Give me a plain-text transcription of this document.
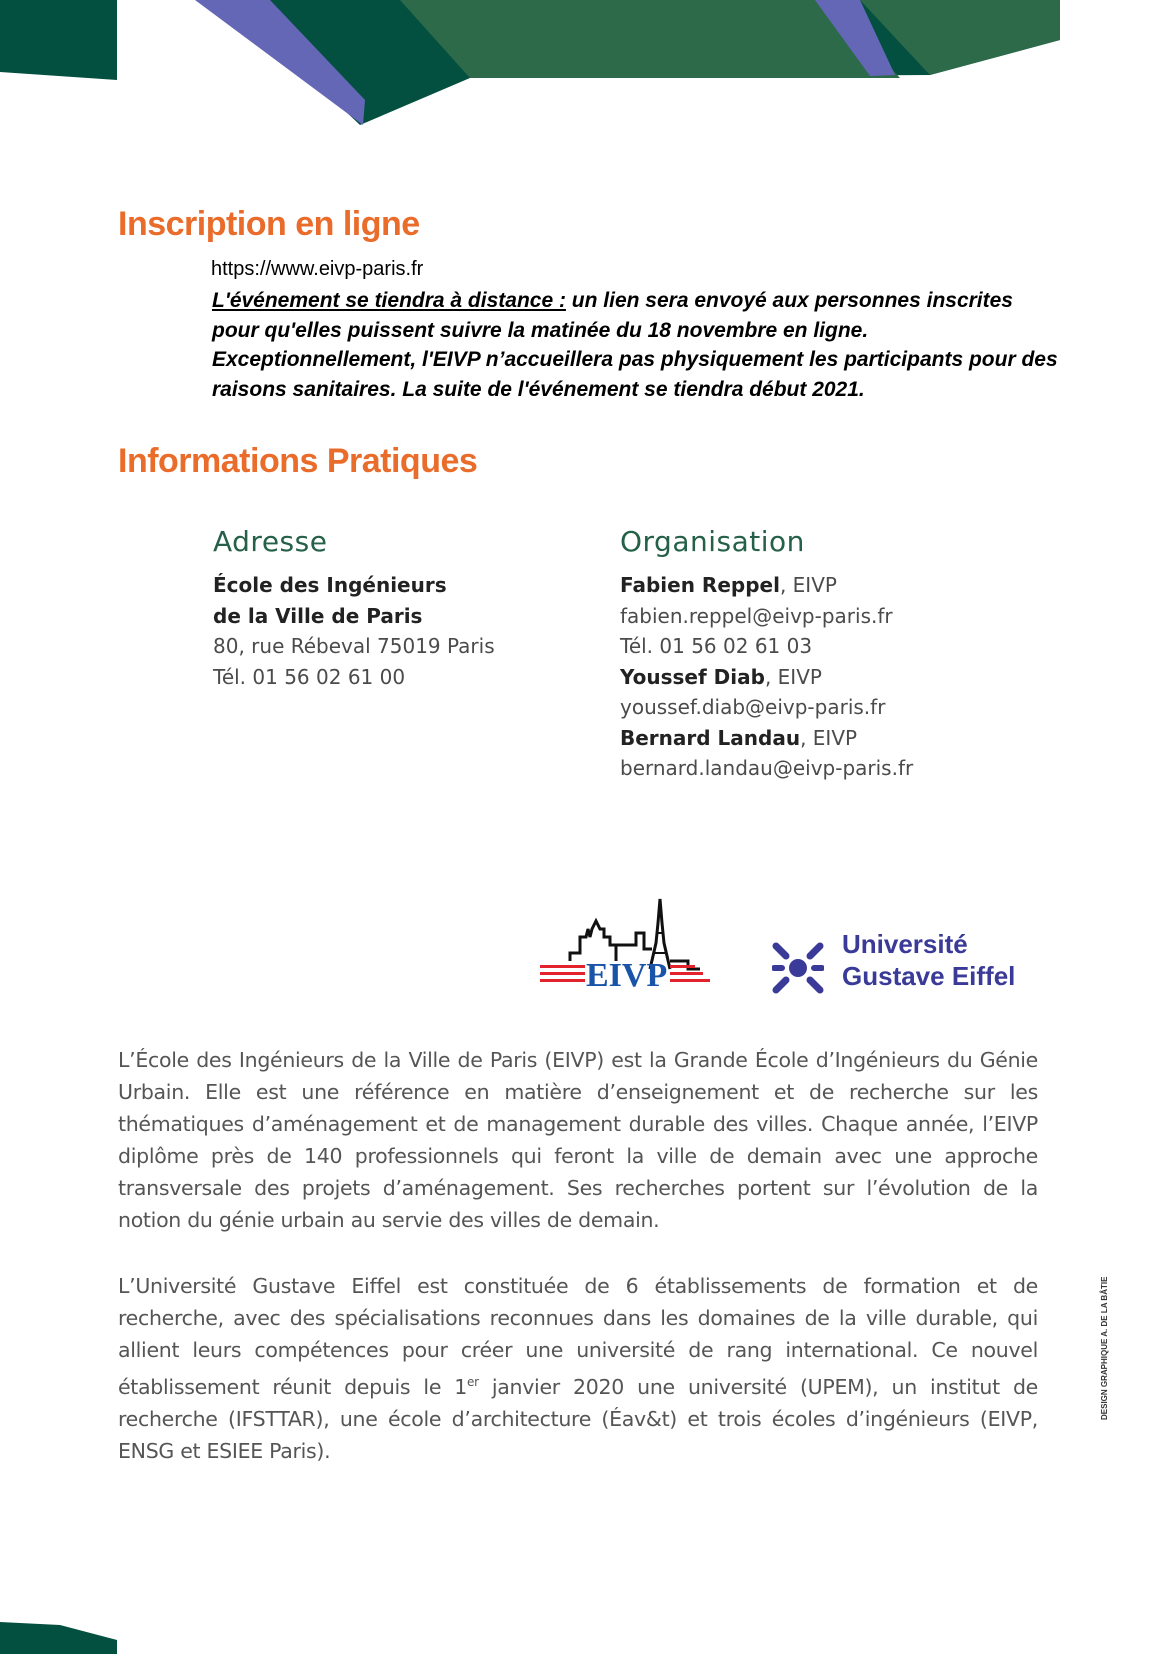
Inscription en ligne
https://www.eivp-paris.fr
L'événement se tiendra à distance : un lien sera envoyé aux personnes inscrites pour qu'elles puissent suivre la matinée du 18 novembre en ligne. Exceptionnellement, l'EIVP n’accueillera pas physiquement les participants pour des raisons sanitaires. La suite de l'événement se tiendra début 2021.
Informations Pratiques
Adresse
École des Ingénieurs
de la Ville de Paris
80, rue Rébeval 75019 Paris
Tél. 01 56 02 61 00
Organisation
Fabien Reppel, EIVP
fabien.reppel@eivp-paris.fr
Tél. 01 56 02 61 03
Youssef Diab, EIVP
youssef.diab@eivp-paris.fr
Bernard Landau, EIVP
bernard.landau@eivp-paris.fr
EIVP
Université
Gustave Eiffel

L’École des Ingénieurs de la Ville de Paris (EIVP) est la Grande École d’Ingénieurs du Génie Urbain. Elle est une référence en matière d’enseignement et de recherche sur les thématiques d’aménagement et de management durable des villes. Chaque année, l’EIVP diplôme près de 140 professionnels qui feront la ville de demain avec une approche transversale des projets d’aménagement. Ses recherches portent sur l’évolution de la notion du génie urbain au servie des villes de demain.

L’Université Gustave Eiffel est constituée de 6 établissements de formation et de recherche, avec des spécialisations reconnues dans les domaines de la ville durable, qui allient leurs compétences pour créer une université de rang international. Ce nouvel établissement réunit depuis le 1er janvier 2020 une université (UPEM), un institut de recherche (IFSTTAR), une école d’architecture (Éav&t) et trois écoles d’ingénieurs (EIVP, ENSG et ESIEE Paris).

DESIGN GRAPHIQUE A. DE LA BÂTIE
